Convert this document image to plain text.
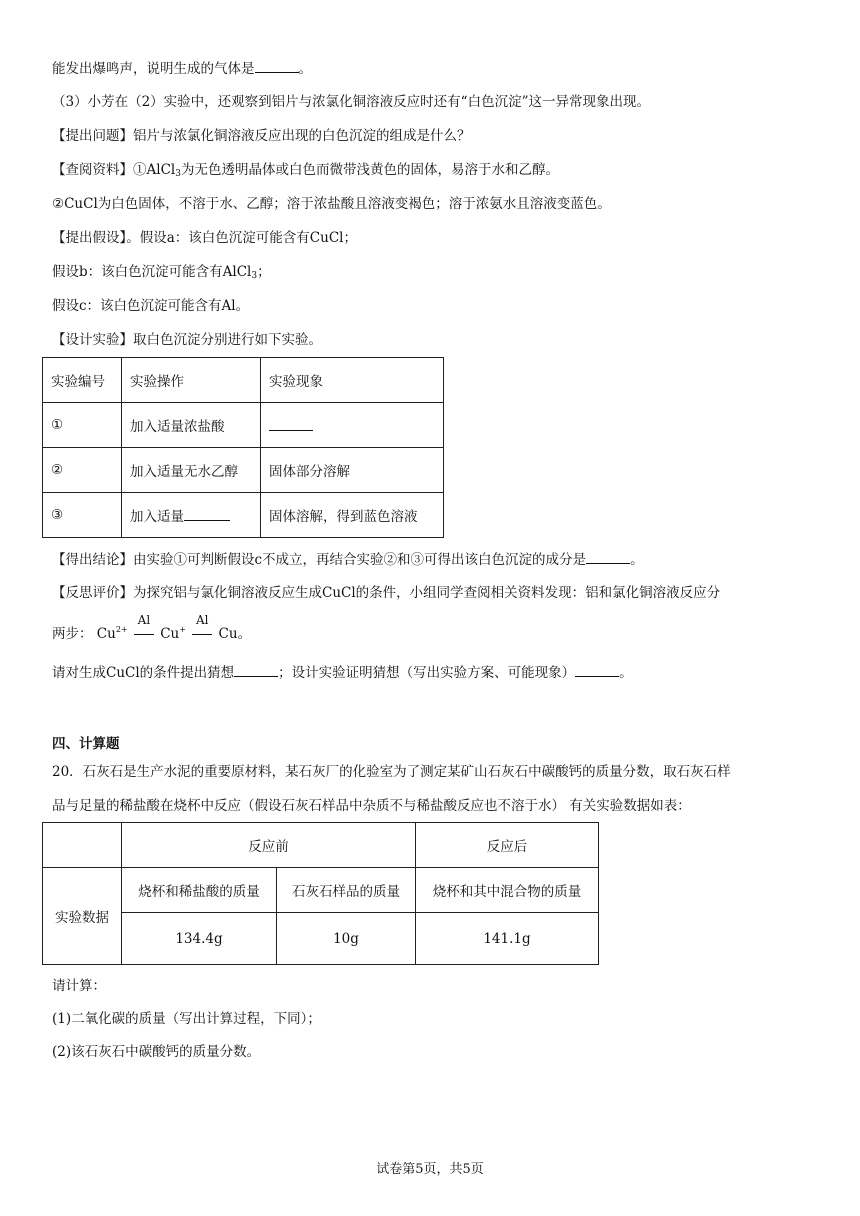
能发出爆鸣声，说明生成的气体是	。
（3）小芳在（2）实验中，还观察到铝片与浓氯化铜溶液反应时还有“白色沉淀”这一异常现象出现。
【提出问题】铝片与浓氯化铜溶液反应出现的白色沉淀的组成是什么？
【查阅资料】①AlCl$_3$为无色透明晶体或白色而微带浅黄色的固体，易溶于水和乙醇。
②CuCl为白色固体，不溶于水、乙醇；溶于浓盐酸且溶液变褐色；溶于浓氨水且溶液变蓝色。
【提出假设】。假设a：该白色沉淀可能含有CuCl；
假设b：该白色沉淀可能含有AlCl$_3$；
假设c：该白色沉淀可能含有Al。
【设计实验】取白色沉淀分别进行如下实验。
实验编号	实验操作	实验现象
①	加入适量浓盐酸	
②	加入适量无水乙醇	固体部分溶解
③	加入适量	固体溶解，得到蓝色溶液
【得出结论】由实验①可判断假设c不成立，再结合实验②和③可得出该白色沉淀的成分是	。
【反思评价】为探究铝与氯化铜溶液反应生成CuCl的条件，小组同学查阅相关资料发现：铝和氯化铜溶液反应分
两步： $Cu^{2+}$
Al
Cu+
Al
Cu。
请对生成CuCl的条件提出猜想	；设计实验证明猜想（写出实验方案、可能现象）	。
四、计算题
20．石灰石是生产水泥的重要原材料，某石灰厂的化验室为了测定某矿山石灰石中碳酸钙的质量分数，取石灰石样
品与足量的稀盐酸在烧杯中反应（假设石灰石样品中杂质不与稀盐酸反应也不溶于水） 有关实验数据如表：
	反应前		反应后
实验数据	烧杯和稀盐酸的质量	石灰石样品的质量	烧杯和其中混合物的质量
	134.4g	10g	141.1g
请计算：
(1)二氧化碳的质量（写出计算过程，下同）；
(2)该石灰石中碳酸钙的质量分数。
试卷第5页，共5页
